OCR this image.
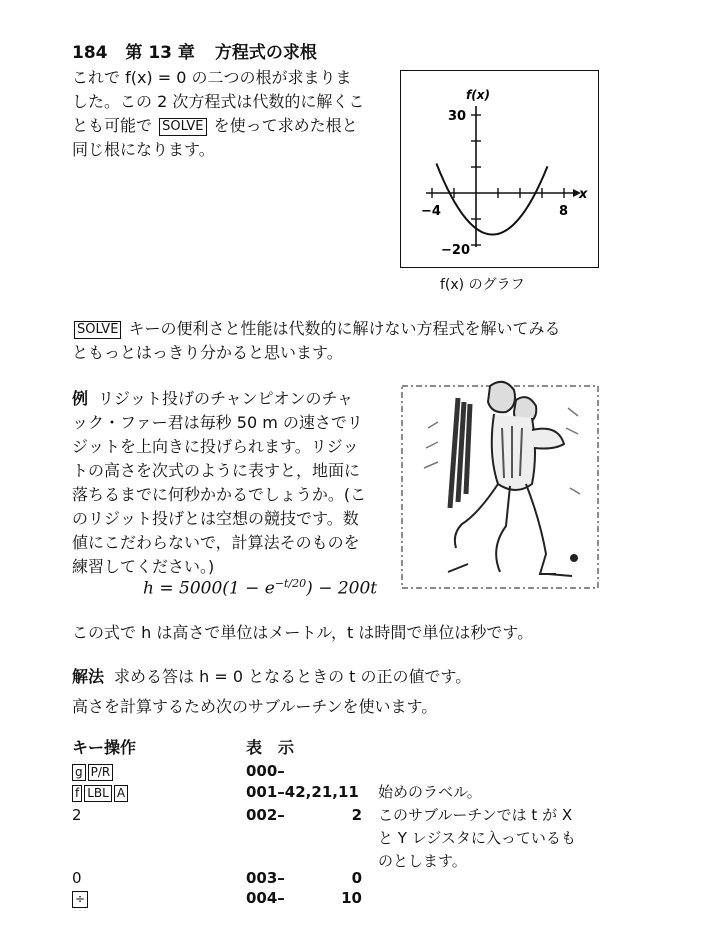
184 第 13 章 方程式の求根
これで f(x) = 0 の二つの根が求まりま
した。この 2 次方程式は代数的に解くこ
とも可能で SOLVE を使って求めた根と
同じ根になります。
f(x)
x
30
−20
−4	8
f(x) のグラフ
SOLVE キーの便利さと性能は代数的に解けない方程式を解いてみる
ともっとはっきり分かると思います。
例 リジット投げのチャンピオンのチャ
ック・ファー君は毎秒 50 m の速さでリ
ジットを上向きに投げられます。リジッ
トの高さを次式のように表すと，地面に
落ちるまでに何秒かかるでしょうか。(こ
のリジット投げとは空想の競技です。数
値にこだわらないで，計算法そのものを
練習してください。)
$h = 5000(1 - e^{-t/20}) - 200t$
この式で h は高さで単位はメートル，t は時間で単位は秒です。
解法 求める答は h = 0 となるときの t の正の値です。
高さを計算するため次のサブルーチンを使います。
キー操作	表　示
g P/R	000–
f LBL A	001–42,21,11 始めのラベル。
2	002–	2 このサブルーチンでは t が X
と Y レジスタに入っているも
のとします。
0	003–	0
÷	004–	10
